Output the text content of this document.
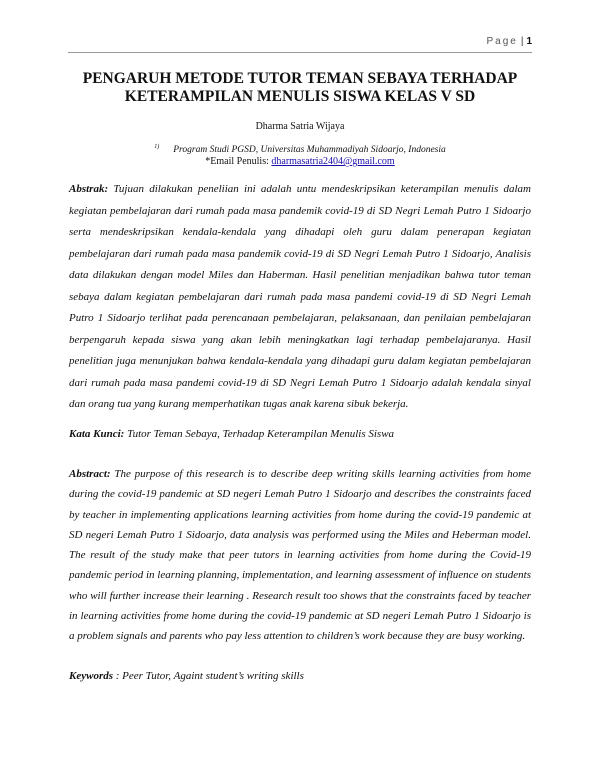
Page | 1
PENGARUH METODE TUTOR TEMAN SEBAYA TERHADAP
KETERAMPILAN MENULIS SISWA KELAS V SD
Dharma Satria Wijaya
$^{1)}$ Program Studi PGSD, Universitas Muhammadiyah Sidoarjo, Indonesia
*Email Penulis: dharmasatria2404@gmail.com
Abstrak: Tujuan dilakukan peneliian ini adalah untu mendeskripsikan keterampilan menulis dalam kegiatan pembelajaran dari rumah pada masa pandemik covid-19 di SD Negri Lemah Putro 1 Sidoarjo serta mendeskripsikan kendala-kendala yang dihadapi oleh guru dalam penerapan kegiatan pembelajaran dari rumah pada masa pandemik covid-19 di SD Negri Lemah Putro 1 Sidoarjo, Analisis data dilakukan dengan model Miles dan Haberman. Hasil penelitian menjadikan bahwa tutor teman sebaya dalam kegiatan pembelajaran dari rumah pada masa pandemi covid-19 di SD Negri Lemah Putro 1 Sidoarjo terlihat pada perencanaan pembelajaran, pelaksanaan, dan penilaian pembelajaran berpengaruh kepada siswa yang akan lebih meningkatkan lagi terhadap pembelajaranya. Hasil penelitian juga menunjukan bahwa kendala-kendala yang dihadapi guru dalam kegiatan pembelajaran dari rumah pada masa pandemi covid-19 di SD Negri Lemah Putro 1 Sidoarjo adalah kendala sinyal dan orang tua yang kurang memperhatikan tugas anak karena sibuk bekerja.
Kata Kunci: Tutor Teman Sebaya, Terhadap Keterampilan Menulis Siswa
Abstract: The purpose of this research is to describe deep writing skills learning activities from home during the covid-19 pandemic at SD negeri Lemah Putro 1 Sidoarjo and describes the constraints faced by teacher in implementing applications learning activities from home during the covid-19 pandemic at SD negeri Lemah Putro 1 Sidoarjo, data analysis was performed using the Miles and Heberman model. The result of the study make that peer tutors in learning activities from home during the Covid-19 pandemic period in learning planning, implementation, and learning assessment of influence on students who will further increase their learning . Research result too shows that the constraints faced by teacher in learning activities frome home during the covid-19 pandemic at SD negeri Lemah Putro 1 Sidoarjo is a problem signals and parents who pay less attention to children’s work because they are busy working.
Keywords : Peer Tutor, Againt student’s writing skills
